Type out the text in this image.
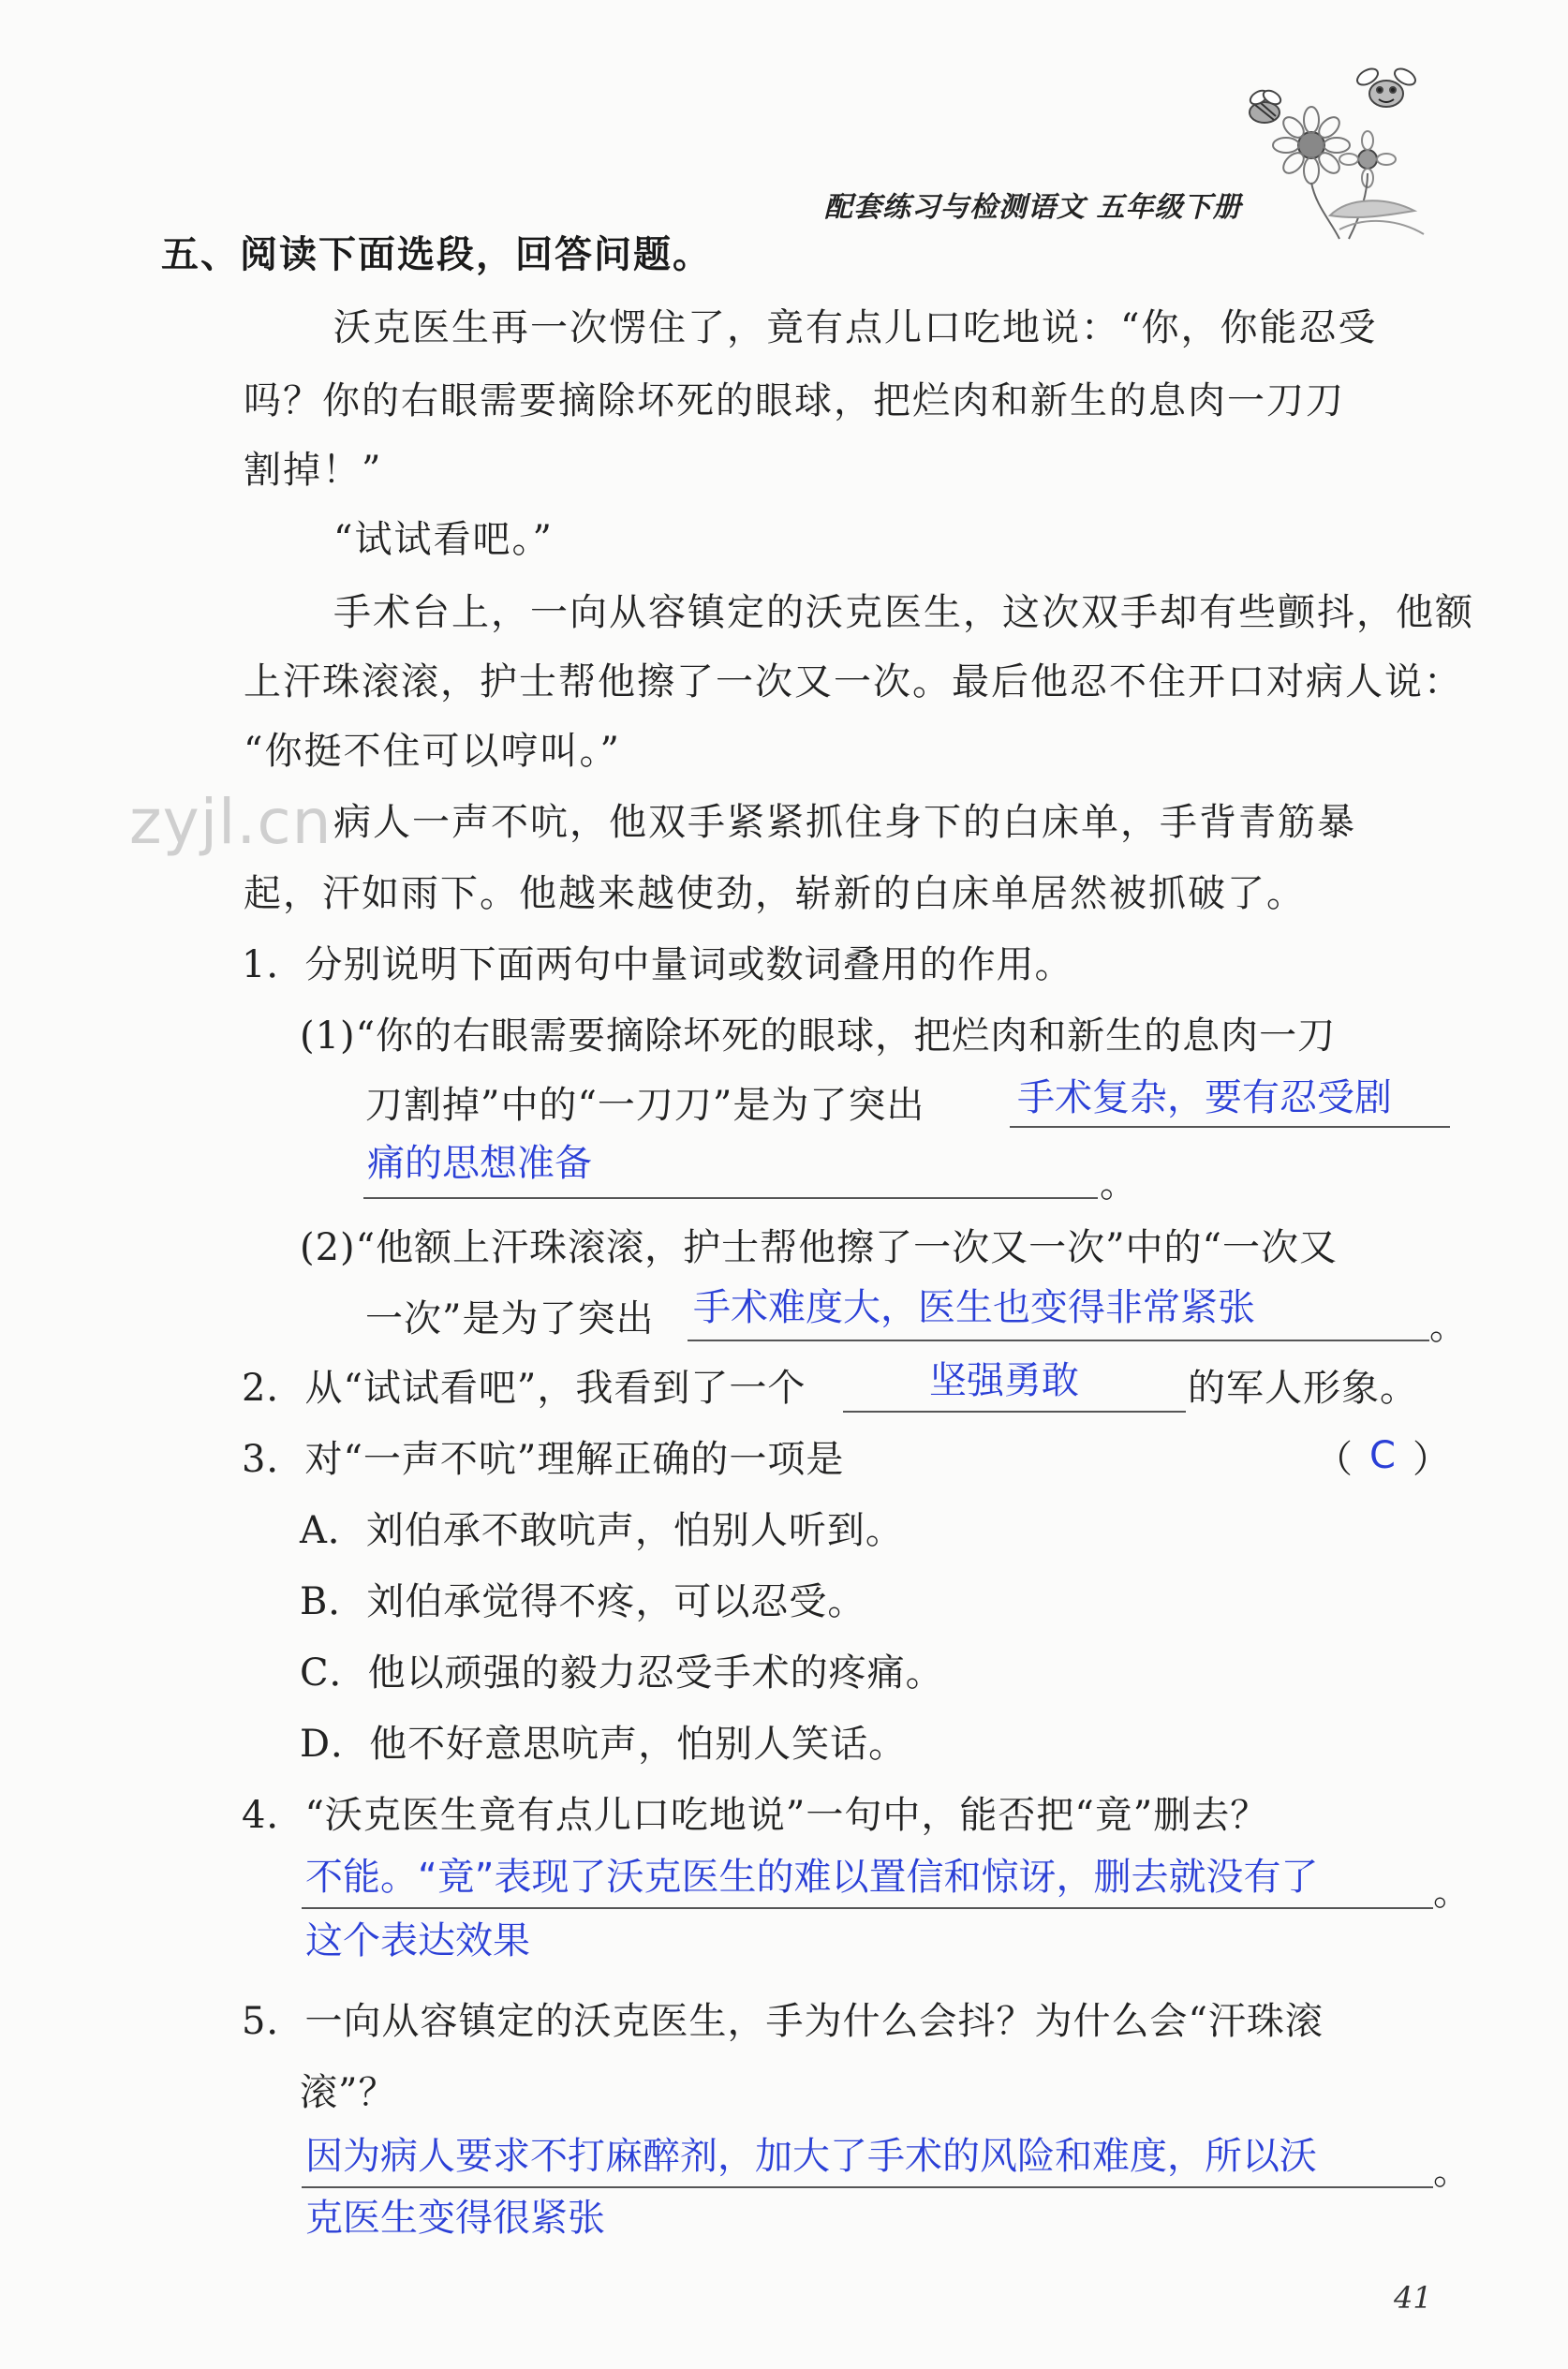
配套练习与检测语文 五年级下册
五、阅读下面选段，回答问题。
沃克医生再一次愣住了，竟有点儿口吃地说：“你，你能忍受
吗？你的右眼需要摘除坏死的眼球，把烂肉和新生的息肉一刀刀
割掉！”
“试试看吧。”
手术台上，一向从容镇定的沃克医生，这次双手却有些颤抖，他额
上汗珠滚滚，护士帮他擦了一次又一次。最后他忍不住开口对病人说：
“你挺不住可以哼叫。”
病人一声不吭，他双手紧紧抓住身下的白床单，手背青筋暴
起，汗如雨下。他越来越使劲，崭新的白床单居然被抓破了。
zyjl.cn
1．分别说明下面两句中量词或数词叠用的作用。
(1)“你的右眼需要摘除坏死的眼球，把烂肉和新生的息肉一刀
刀割掉”中的“一刀刀”是为了突出 手术复杂，要有忍受剧
痛的思想准备	。
(2)“他额上汗珠滚滚，护士帮他擦了一次又一次”中的“一次又
一次”是为了突出 手术难度大，医生也变得非常紧张	。
2．从“试试看吧”，我看到了一个	坚强勇敢	的军人形象。
3．对“一声不吭”理解正确的一项是	（ C ）
A．刘伯承不敢吭声，怕别人听到。
B．刘伯承觉得不疼，可以忍受。
C．他以顽强的毅力忍受手术的疼痛。
D．他不好意思吭声，怕别人笑话。
4．“沃克医生竟有点儿口吃地说”一句中，能否把“竟”删去？
不能。“竟”表现了沃克医生的难以置信和惊讶，删去就没有了	。
这个表达效果
5．一向从容镇定的沃克医生，手为什么会抖？为什么会“汗珠滚
滚”？
因为病人要求不打麻醉剂，加大了手术的风险和难度，所以沃	。
克医生变得很紧张
41
